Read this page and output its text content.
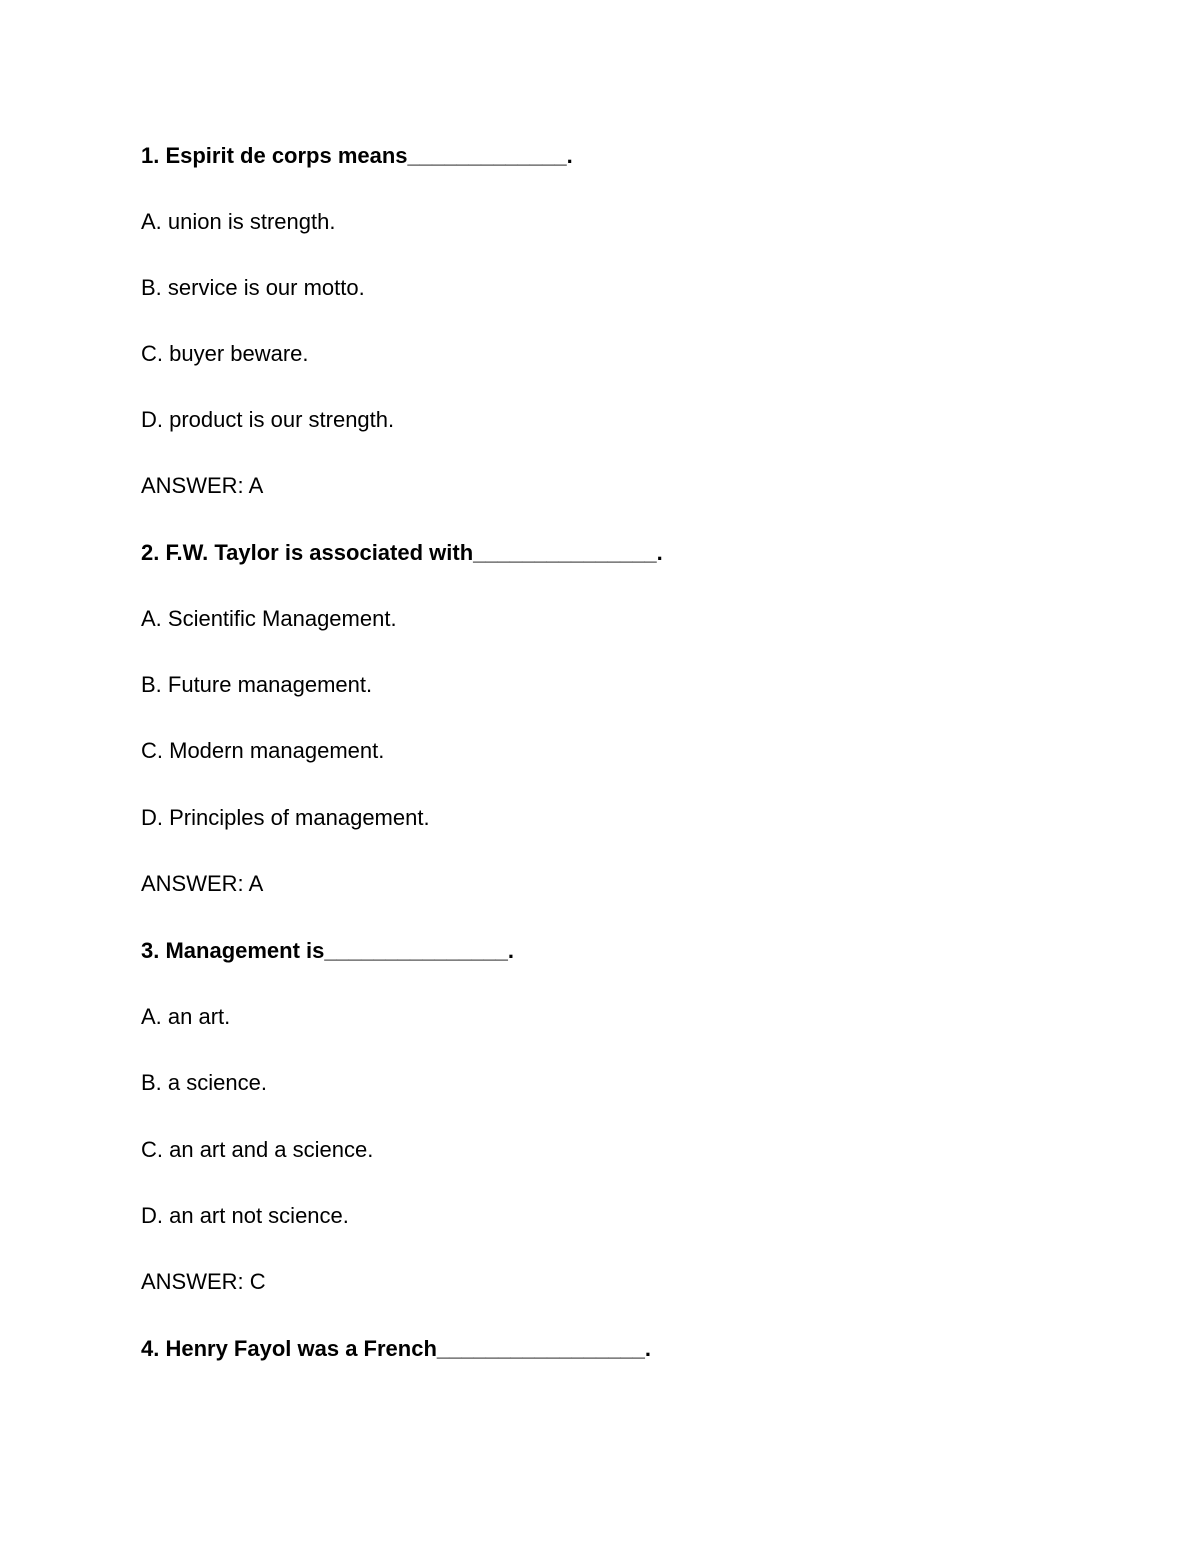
1. Espirit de corps means_____________.
A. union is strength.
B. service is our motto.
C. buyer beware.
D. product is our strength.
ANSWER: A
2. F.W. Taylor is associated with_______________.
A. Scientific Management.
B. Future management.
C. Modern management.
D. Principles of management.
ANSWER: A
3. Management is_______________.
A. an art.
B. a science.
C. an art and a science.
D. an art not science.
ANSWER: C
4. Henry Fayol was a French_________________.
